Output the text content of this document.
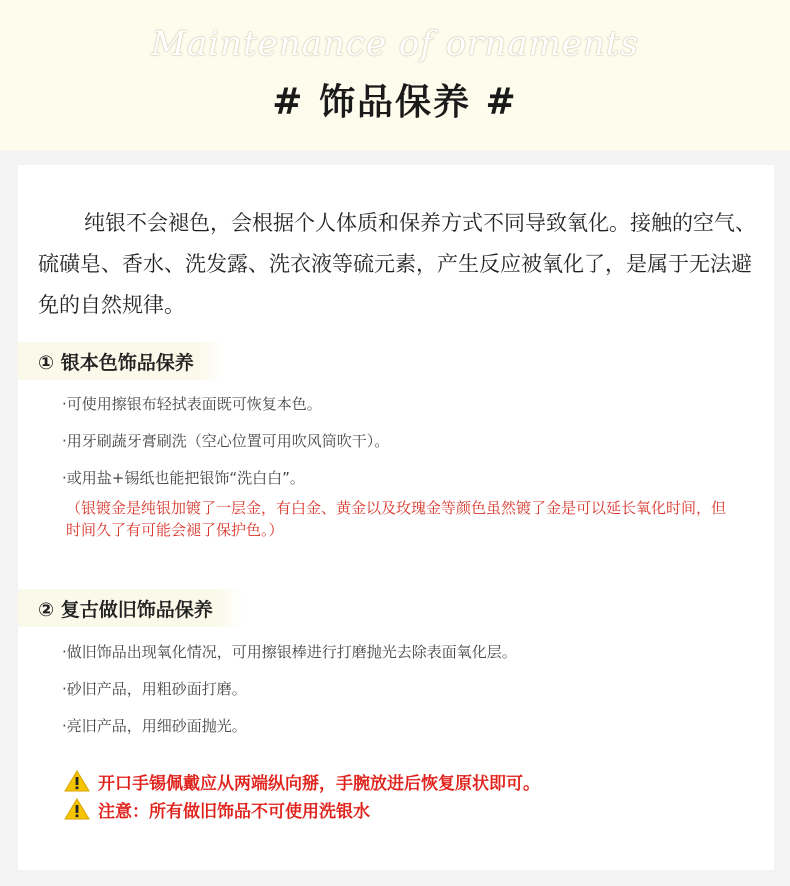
Maintenance of ornaments
# 饰品保养 #

纯银不会褪色，会根据个人体质和保养方式不同导致氧化。接触的空气、硫磺皂、香水、洗发露、洗衣液等硫元素，产生反应被氧化了，是属于无法避免的自然规律。

① 银本色饰品保养

·可使用擦银布轻拭表面既可恢复本色。

·用牙刷蔬牙膏刷洗（空心位置可用吹风筒吹干）。

·或用盐+锡纸也能把银饰“洗白白”。

（银镀金是纯银加镀了一层金，有白金、黄金以及玫瑰金等颜色虽然镀了金是可以延长氧化时间，但时间久了有可能会褪了保护色。）

② 复古做旧饰品保养

·做旧饰品出现氧化情况，可用擦银棒进行打磨抛光去除表面氧化层。

·砂旧产品，用粗砂面打磨。

·亮旧产品，用细砂面抛光。

开口手锡佩戴应从两端纵向掰，手腕放进后恢复原状即可。
注意：所有做旧饰品不可使用洗银水
